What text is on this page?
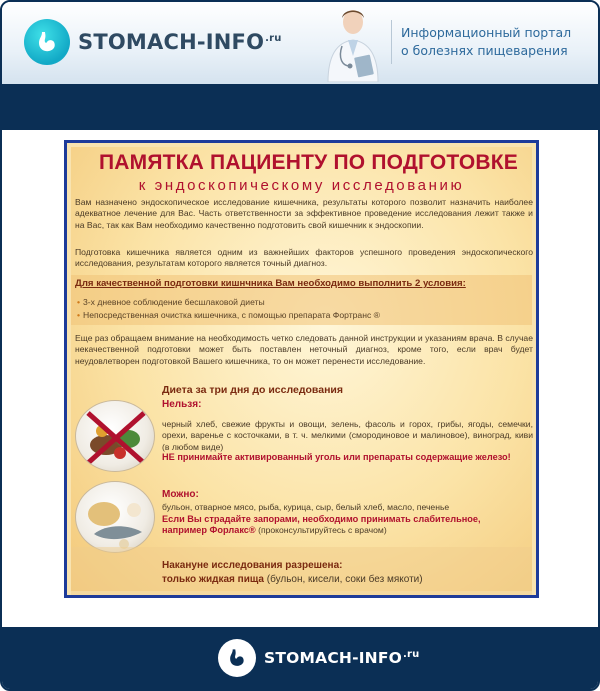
STOMACH-$INFO^{.ru}$	Информационный портал
о болезнях пищеварения
ПАМЯТКА ПАЦИЕНТУ ПО ПОДГОТОВКЕ
к эндоскопическому исследованию
Вам назначено эндоскопическое исследование кишечника, результаты которого позволит назначить наиболее адекватное лечение для Вас. Часть ответственности за эффективное проведение исследования лежит также и на Вас, так как Вам необходимо качественно подготовить свой кишечник к эндоскопии.
Подготовка кишечника является одним из важнейших факторов успешного проведения эндоскопического исследования, результатам которого является точный диагноз.
Для качественной подготовки кишнчника Вам необходимо выполнить 2 условия:
• 3-х дневное соблюдение бесшлаковой диеты
• Непосредственная очистка кишечника, с помощью препарата Фортранс ®
Еще раз обращаем внимание на необходимость четко следовать данной инструкции и указаниям врача. В случае некачественной подготовки может быть поставлен неточный диагноз, кроме того, если врач будет неудовлетворен подготовкой Вашего кишечника, то он может перенести исследование.
Диета за три дня до исследования
Нельзя:
черный хлеб, свежие фрукты и овощи, зелень, фасоль и горох, грибы, ягоды, семечки, орехи, варенье с косточками, в т. ч. мелкими (смородиновое и малиновое), виноград, киви (в любом виде)
НЕ принимайте активированный уголь или препараты содержащие железо!
Можно:
бульон, отварное мясо, рыба, курица, сыр, белый хлеб, масло, печенье
Если Вы страдайте запорами, необходимо принимать слабительное, например Форлакс® (проконсультируйтесь с врачом)
Накануне исследования разрешена:
только жидкая пища (бульон, кисели, соки без мякоти)
STOMACH-$INFO^{.ru}$
